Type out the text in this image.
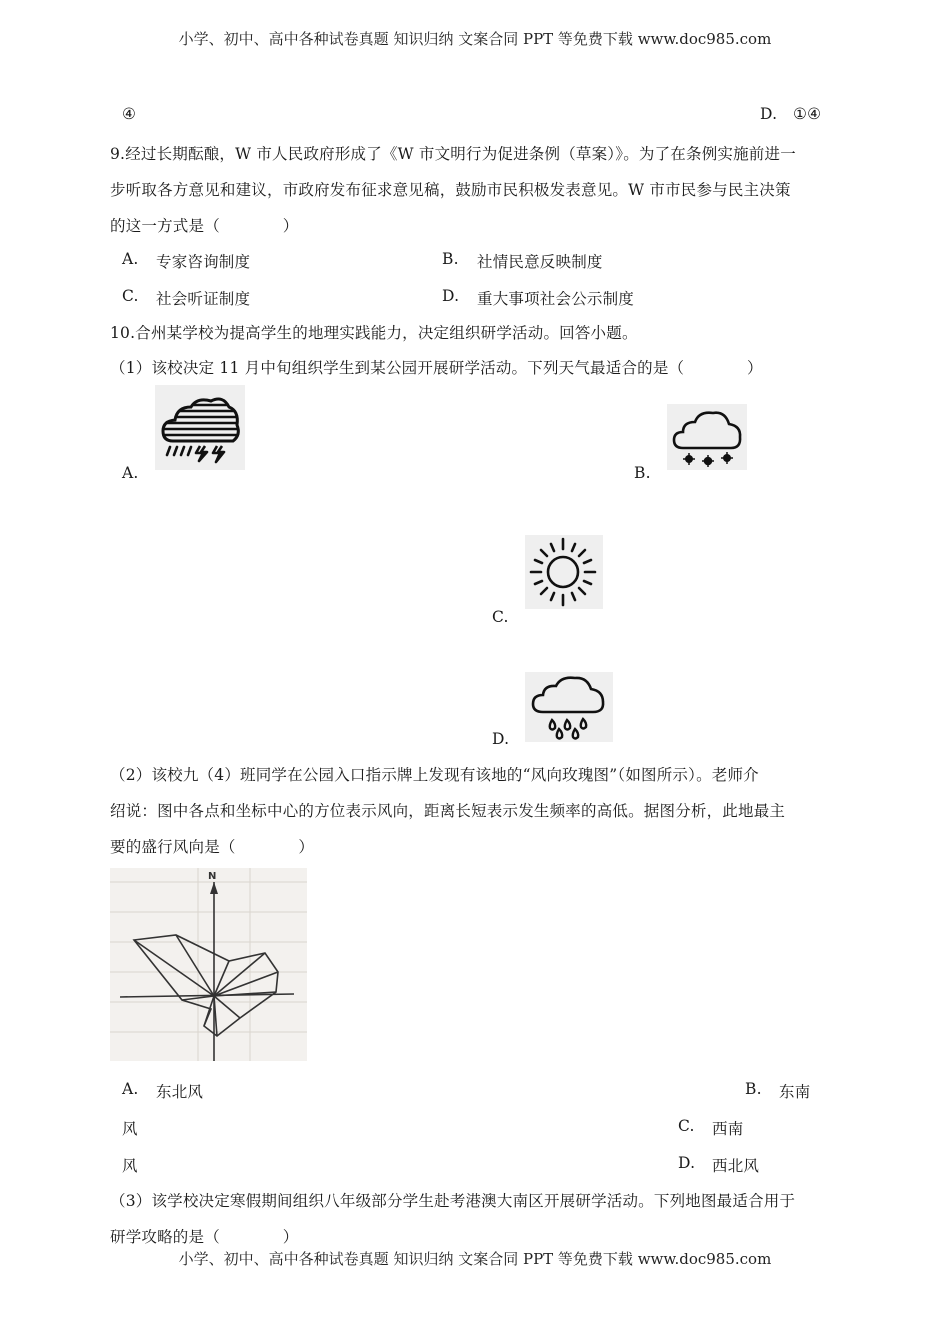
小学、初中、高中各种试卷真题 知识归纳 文案合同 PPT 等免费下载 www.doc985.com
④	D. ①④
9.经过长期酝酿，W 市人民政府形成了《W 市文明行为促进条例（草案）》。为了在条例实施前进一
步听取各方意见和建议，市政府发布征求意见稿，鼓励市民积极发表意见。W 市市民参与民主决策
的这一方式是（　　　　）
A. 专家咨询制度	B. 社情民意反映制度
C. 社会听证制度	D. 重大事项社会公示制度
10.合州某学校为提高学生的地理实践能力，决定组织研学活动。回答小题。
（1）该校决定 11 月中旬组织学生到某公园开展研学活动。下列天气最适合的是（　　　　）
A.	B.
C.
D.
（2）该校九（4）班同学在公园入口指示牌上发现有该地的“风向玫瑰图”（如图所示）。老师介
绍说：图中各点和坐标中心的方位表示风向，距离长短表示发生频率的高低。据图分析，此地最主
要的盛行风向是（　　　　）
N
A. 东北风	B. 东南
风	C. 西南
风	D. 西北风
（3）该学校决定寒假期间组织八年级部分学生赴考港澳大南区开展研学活动。下列地图最适合用于
研学攻略的是（　　　　）
小学、初中、高中各种试卷真题 知识归纳 文案合同 PPT 等免费下载 www.doc985.com
